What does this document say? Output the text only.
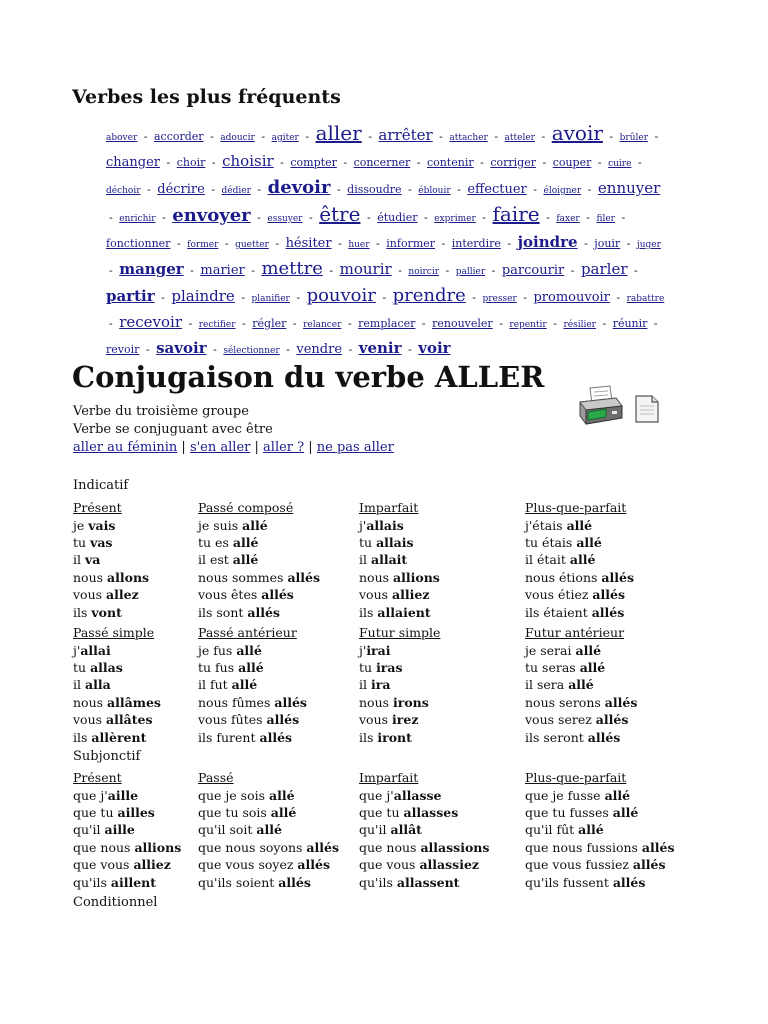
Verbes les plus fréquents
abover - accorder - adoucir - agiter - aller - arrêter - attacher - atteler - avoir - brûler - changer - choir - choisir - compter - concerner - contenir - corriger - couper - cuire - déchoir - décrire - dédier - devoir - dissoudre - éblouir - effectuer - éloigner - ennuyer - enrichir - envoyer - essuyer - être - étudier - exprimer - faire - faxer - filer - fonctionner - former - guetter - hésiter - huer - informer - interdire - joindre - jouir - juger - manger - marier - mettre - mourir - noircir - pallier - parcourir - parler - partir - plaindre - planifier - pouvoir - prendre - presser - promouvoir - rabattre - recevoir - rectifier - régler - relancer - remplacer - renouveler - repentir - résilier - réunir - revoir - savoir - sélectionner - vendre - venir - voir
Conjugaison du verbe ALLER
Verbe du troisième groupe
Verbe se conjuguant avec être
aller au féminin | s'en aller | aller ? | ne pas aller
Indicatif
Subjonctif
Conditionnel
Présent
je vais
tu vas
il va
nous allons
vous allez
ils vont
Passé composé
je suis allé
tu es allé
il est allé
nous sommes allés
vous êtes allés
ils sont allés
Imparfait
j'allais
tu allais
il allait
nous allions
vous alliez
ils allaient
Plus-que-parfait
j'étais allé
tu étais allé
il était allé
nous étions allés
vous étiez allés
ils étaient allés
Passé simple
j'allai
tu allas
il alla
nous allâmes
vous allâtes
ils allèrent
Passé antérieur
je fus allé
tu fus allé
il fut allé
nous fûmes allés
vous fûtes allés
ils furent allés
Futur simple
j'irai
tu iras
il ira
nous irons
vous irez
ils iront
Futur antérieur
je serai allé
tu seras allé
il sera allé
nous serons allés
vous serez allés
ils seront allés
Présent
que j'aille
que tu ailles
qu'il aille
que nous allions
que vous alliez
qu'ils aillent
Passé
que je sois allé
que tu sois allé
qu'il soit allé
que nous soyons allés
que vous soyez allés
qu'ils soient allés
Imparfait
que j'allasse
que tu allasses
qu'il allât
que nous allassions
que vous allassiez
qu'ils allassent
Plus-que-parfait
que je fusse allé
que tu fusses allé
qu'il fût allé
que nous fussions allés
que vous fussiez allés
qu'ils fussent allés
